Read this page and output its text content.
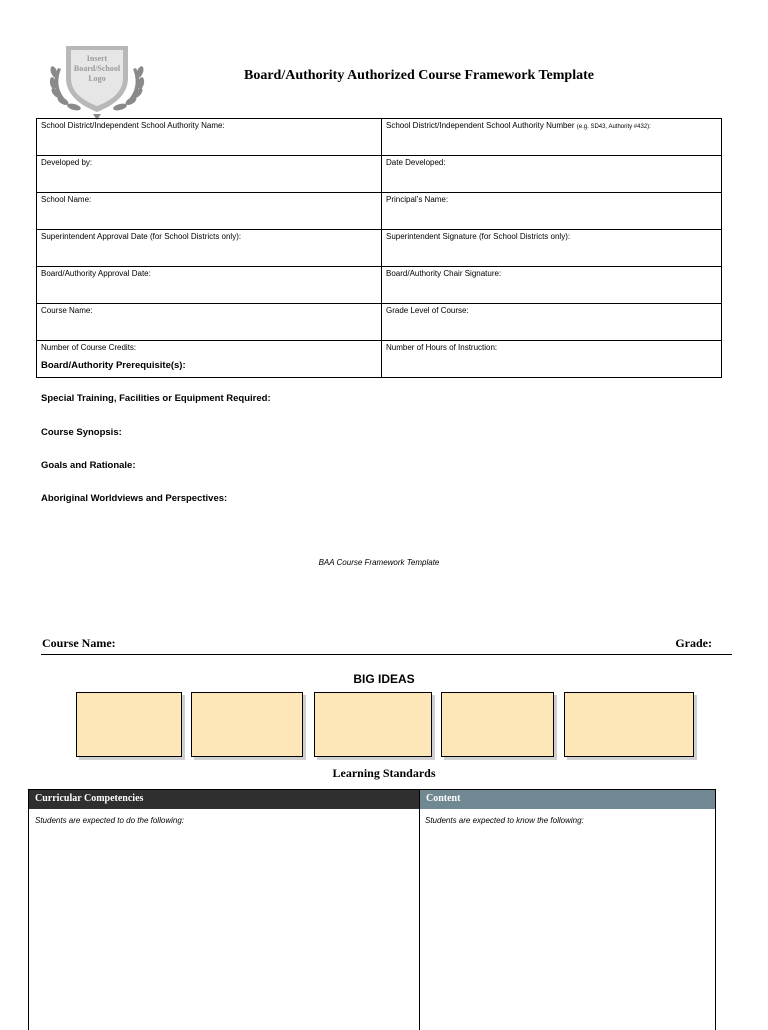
Insert
Board/School
Logo	Board/Authority Authorized Course Framework Template
School District/Independent School Authority Name:	School District/Independent School Authority Number (e.g. SD43, Authority #432):
Developed by:	Date Developed:
School Name:	Principal’s Name:
Superintendent Approval Date (for School Districts only):	Superintendent Signature (for School Districts only):
Board/Authority Approval Date:	Board/Authority Chair Signature:
Course Name:	Grade Level of Course:
Number of Course Credits:	Number of Hours of Instruction:
Board/Authority Prerequisite(s):
Special Training, Facilities or Equipment Required:
Course Synopsis:
Goals and Rationale:
Aboriginal Worldviews and Perspectives:
BAA Course Framework Template
Course Name:	Grade:
BIG IDEAS
Learning Standards
Curricular Competencies	Content
Students are expected to do the following:	Students are expected to know the following:
